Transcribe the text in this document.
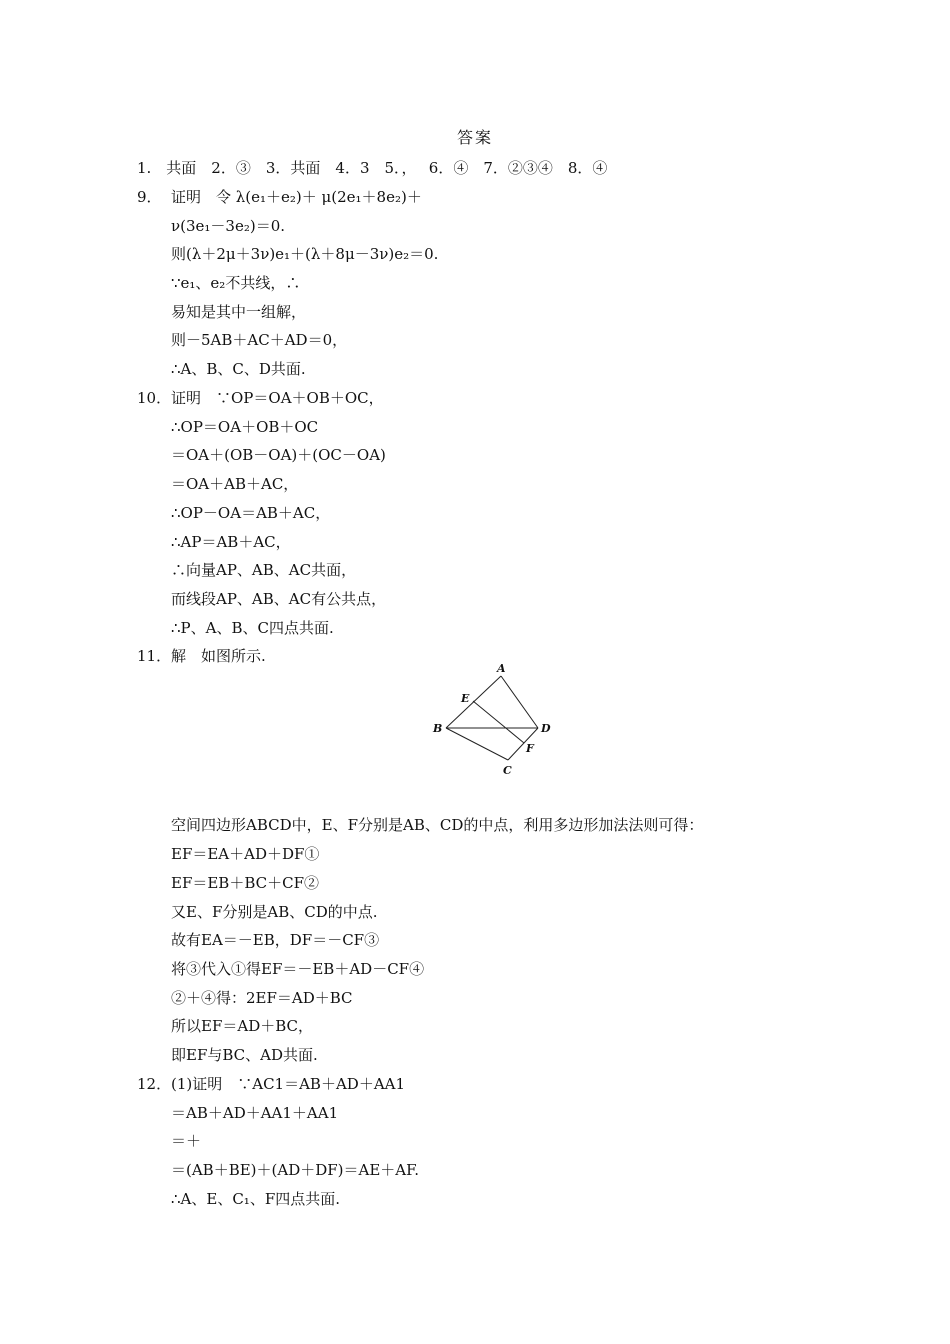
答案
1.　共面　2．③　3．共面　4．3　5．，　 6．④　7．②③④　8．④
9． 证明　令 λ(e₁＋e₂)＋ μ(2e₁＋8e₂)＋
ν(3e₁－3e₂)＝0.
则(λ＋2μ＋3ν)e₁＋(λ＋8μ－3ν)e₂＝0.
∵e₁、e₂不共线，∴
易知是其中一组解，
则－5AB＋AC＋AD＝0，
∴A、B、C、D共面.
10． 证明　∵OP＝OA＋OB＋OC，
∴OP＝OA＋OB＋OC
＝OA＋(OB－OA)＋(OC－OA)
＝OA＋AB＋AC，
∴OP－OA＝AB＋AC，
∴AP＝AB＋AC，
∴向量AP、AB、AC共面，
而线段AP、AB、AC有公共点，
∴P、A、B、C四点共面.
11． 解　如图所示.
A
E
B	D
F
C
空间四边形ABCD中，E、F分别是AB、CD的中点，利用多边形加法法则可得：
EF＝EA＋AD＋DF①
EF＝EB＋BC＋CF②
又E、F分别是AB、CD的中点.
故有EA＝－EB，DF＝－CF③
将③代入①得EF＝－EB＋AD－CF④
②＋④得：2EF＝AD＋BC
所以EF＝AD＋BC，
即EF与BC、AD共面.
12． (1)证明　∵AC1＝AB＋AD＋AA1
＝AB＋AD＋AA1＋AA1
＝＋
＝(AB＋BE)＋(AD＋DF)＝AE＋AF.
∴A、E、C₁、F四点共面.
